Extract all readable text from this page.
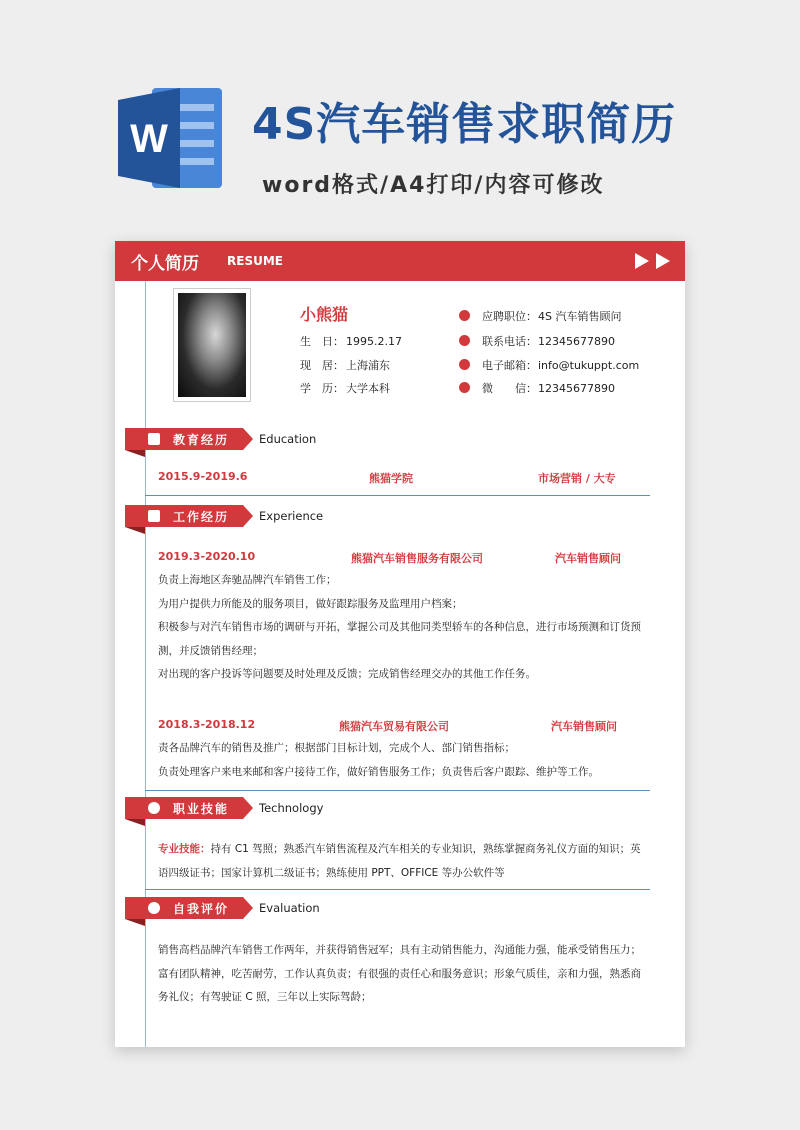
W 4S汽车销售求职简历
word格式/A4打印/内容可修改
个人简历 RESUME
小熊猫
生　日： 1995.2.17
现　居： 上海浦东
学　历： 大学本科
应聘职位：4S 汽车销售顾问
联系电话：12345677890
电子邮箱：info@tukuppt.com
微　　信：12345677890
教育经历	Education
2015.9-2019.6	熊猫学院	市场营销 / 大专
工作经历	Experience
2019.3-2020.10	熊猫汽车销售服务有限公司	汽车销售顾问
负责上海地区奔驰品牌汽车销售工作；
为用户提供力所能及的服务项目，做好跟踪服务及监理用户档案；
积极参与对汽车销售市场的调研与开拓，掌握公司及其他同类型轿车的各种信息，进行市场预测和订货预测，并反馈销售经理；
对出现的客户投诉等问题要及时处理及反馈；完成销售经理交办的其他工作任务。
2018.3-2018.12	熊猫汽车贸易有限公司	汽车销售顾问
责各品牌汽车的销售及推广；根据部门目标计划，完成个人、部门销售指标；
负责处理客户来电来邮和客户接待工作，做好销售服务工作；负责售后客户跟踪、维护等工作。
职业技能	Technology
专业技能：持有 C1 驾照；熟悉汽车销售流程及汽车相关的专业知识，熟练掌握商务礼仪方面的知识；英语四级证书；国家计算机二级证书；熟练使用 PPT、OFFICE 等办公软件等
自我评价	Evaluation
销售高档品牌汽车销售工作两年，并获得销售冠军；具有主动销售能力，沟通能力强，能承受销售压力；富有团队精神，吃苦耐劳，工作认真负责；有很强的责任心和服务意识；形象气质佳，亲和力强，熟悉商务礼仪；有驾驶证 C 照，三年以上实际驾龄；
